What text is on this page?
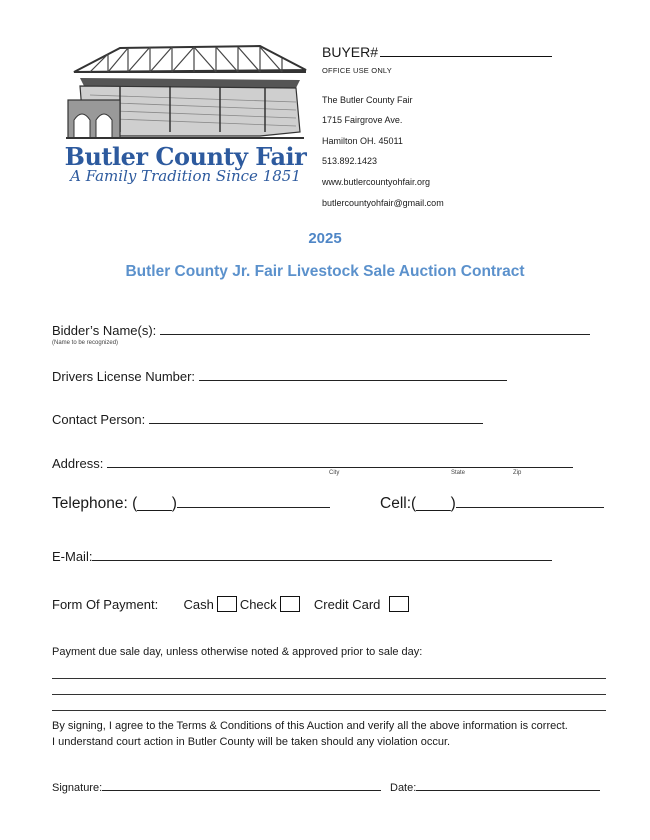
Butler County Fair
A Family Tradition Since 1851
BUYER#
OFFICE USE ONLY
The Butler County Fair
1715 Fairgrove Ave.
Hamilton OH. 45011
513.892.1423
www.butlercountyohfair.org
butlercountyohfair@gmail.com
2025
Butler County Jr. Fair Livestock Sale Auction Contract
Bidder’s Name(s):
(Name to be recognized)
Drivers License Number:
Contact Person:
Address:
City	State	Zip
Telephone: (____)	Cell:(____)
E-Mail:
Form Of Payment: Cash Check	Credit Card
Payment due sale day, unless otherwise noted & approved prior to sale day:
By signing, I agree to the Terms & Conditions of this Auction and verify all the above information is correct.
I understand court action in Butler County will be taken should any violation occur.
Signature:	Date:
